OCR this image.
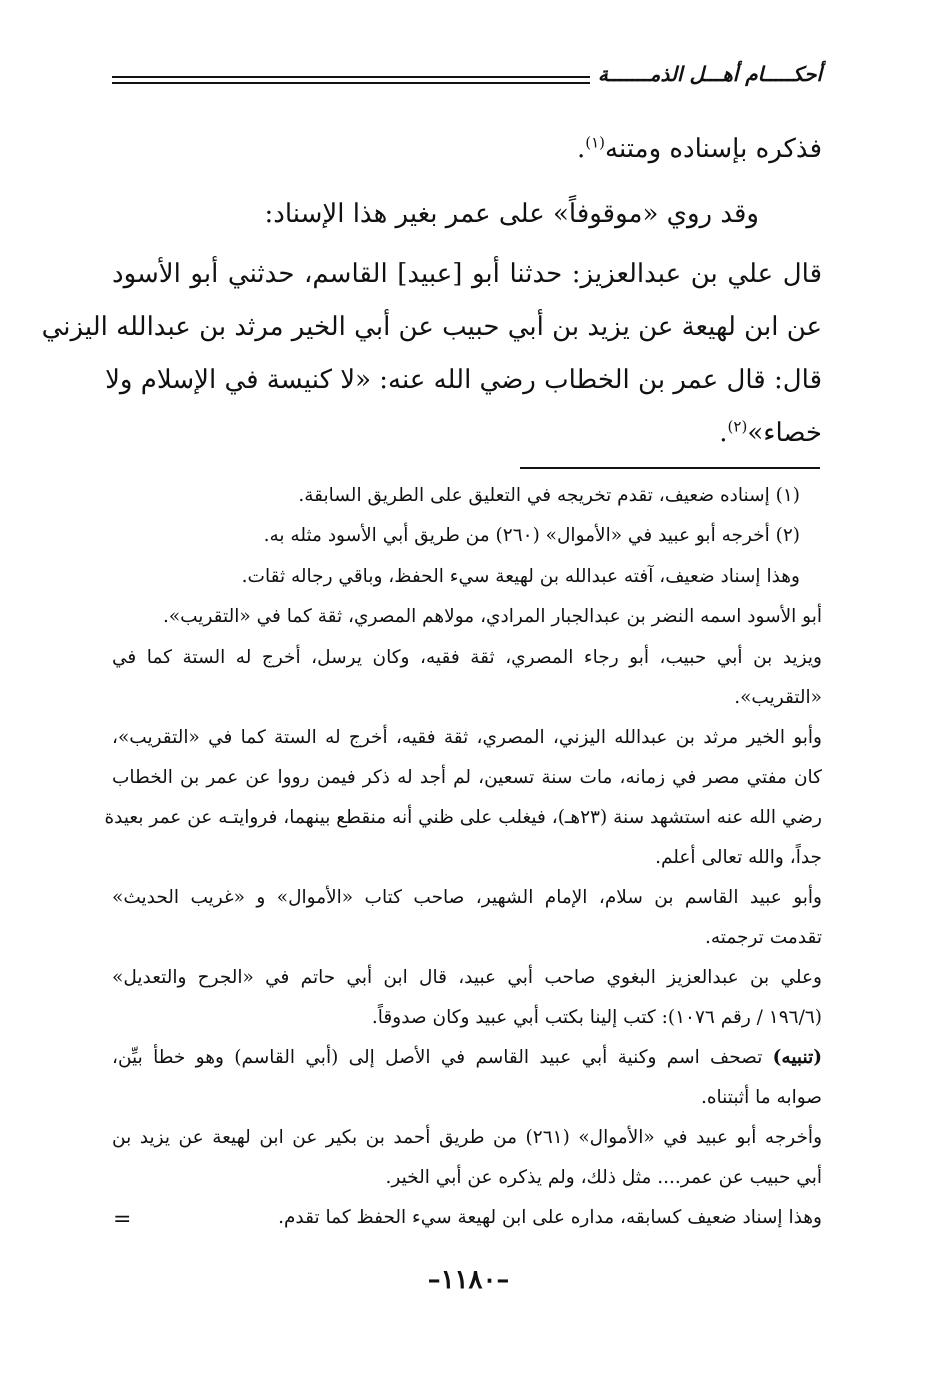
أحكـــــام أهـــل الذمـــــــة
فذكره بإسناده ومتنه$^{(١)}$.
وقد روي «موقوفاً» على عمر بغير هذا الإسناد:
قال علي بن عبدالعزيز: حدثنا أبو [عبيد] القاسم، حدثني أبو الأسود
عن ابن لهيعة عن يزيد بن أبي حبيب عن أبي الخير مرثد بن عبدالله اليزني
قال: قال عمر بن الخطاب رضي الله عنه: «لا كنيسة في الإسلام ولا
خصاء»$^{(٢)}$.
(١) إسناده ضعيف، تقدم تخريجه في التعليق على الطريق السابقة.
(٢) أخرجه أبو عبيد في «الأموال» (٢٦٠) من طريق أبي الأسود مثله به.
وهذا إسناد ضعيف، آفته عبدالله بن لهيعة سيء الحفظ، وباقي رجاله ثقات.
أبو الأسود اسمه النضر بن عبدالجبار المرادي، مولاهم المصري، ثقة كما في «التقريب».
ويزيد بن أبي حبيب، أبو رجاء المصري، ثقة فقيه، وكان يرسل، أخرج له الستة كما في
«التقريب».
وأبو الخير مرثد بن عبدالله اليزني، المصري، ثقة فقيه، أخرج له الستة كما في «التقريب»،
كان مفتي مصر في زمانه، مات سنة تسعين، لم أجد له ذكر فيمن رووا عن عمر بن الخطاب
رضي الله عنه استشهد سنة (٢٣هـ)، فيغلب على ظني أنه منقطع بينهما، فروايتـه عن عمر بعيدة
جداً، والله تعالى أعلم.
وأبو عبيد القاسم بن سلام، الإمام الشهير، صاحب كتاب «الأموال» و «غريب الحديث»
تقدمت ترجمته.
وعلي بن عبدالعزيز البغوي صاحب أبي عبيد، قال ابن أبي حاتم في «الجرح والتعديل»
(١٩٦/٦ / رقم ١٠٧٦): كتب إلينا بكتب أبي عبيد وكان صدوقاً.
(تنبيه) تصحف اسم وكنية أبي عبيد القاسم في الأصل إلى (أبي القاسم) وهو خطأ بيِّن،
صوابه ما أثبتناه.
وأخرجه أبو عبيد في «الأموال» (٢٦١) من طريق أحمد بن بكير عن ابن لهيعة عن يزيد بن
أبي حبيب عن عمر.... مثل ذلك، ولم يذكره عن أبي الخير.
وهذا إسناد ضعيف كسابقه، مداره على ابن لهيعة سيء الحفظ كما تقدم.
=
–١١٨٠–
